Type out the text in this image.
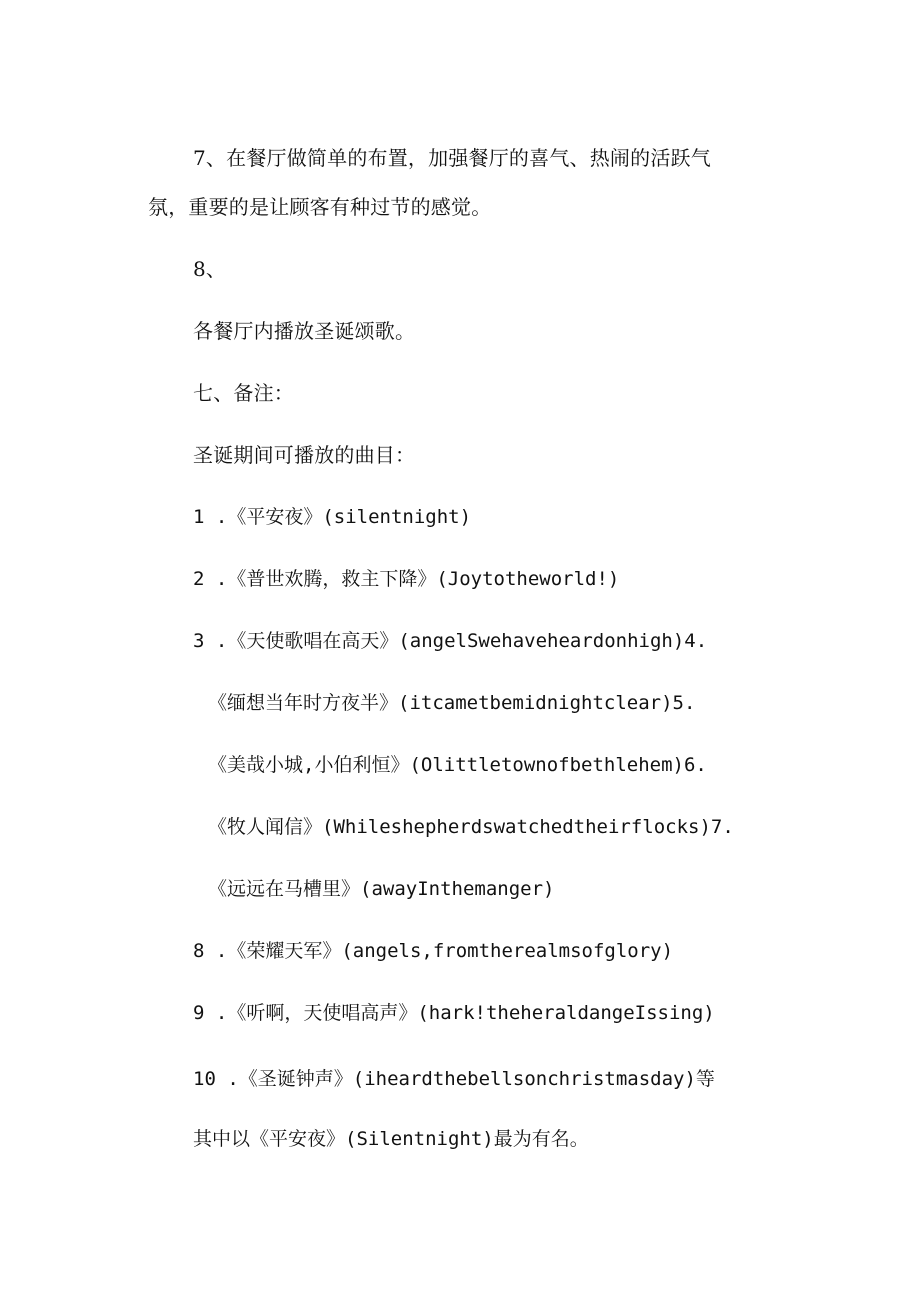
7、在餐厅做简单的布置，加强餐厅的喜气、热闹的活跃气

氛，重要的是让顾客有种过节的感觉。

8、

各餐厅内播放圣诞颂歌。

七、备注：

圣诞期间可播放的曲目：

1 .《平安夜》(silentnight)

2 .《普世欢腾，救主下降》(Joytotheworld!)

3 .《天使歌唱在高天》(angelSwehaveheardonhigh)4.

《缅想当年时方夜半》(itcametbemidnightclear)5.

《美哉小城,小伯利恒》(Olittletownofbethlehem)6.

《牧人闻信》(Whileshepherdswatchedtheirflocks)7.

《远远在马槽里》(awayInthemanger)

8 .《荣耀天军》(angels,fromtherealmsofglory)

9 .《听啊，天使唱高声》(hark!theheraldangeIssing)

10 .《圣诞钟声》(iheardthebellsonchristmasday)等

其中以《平安夜》(Silentnight)最为有名。
